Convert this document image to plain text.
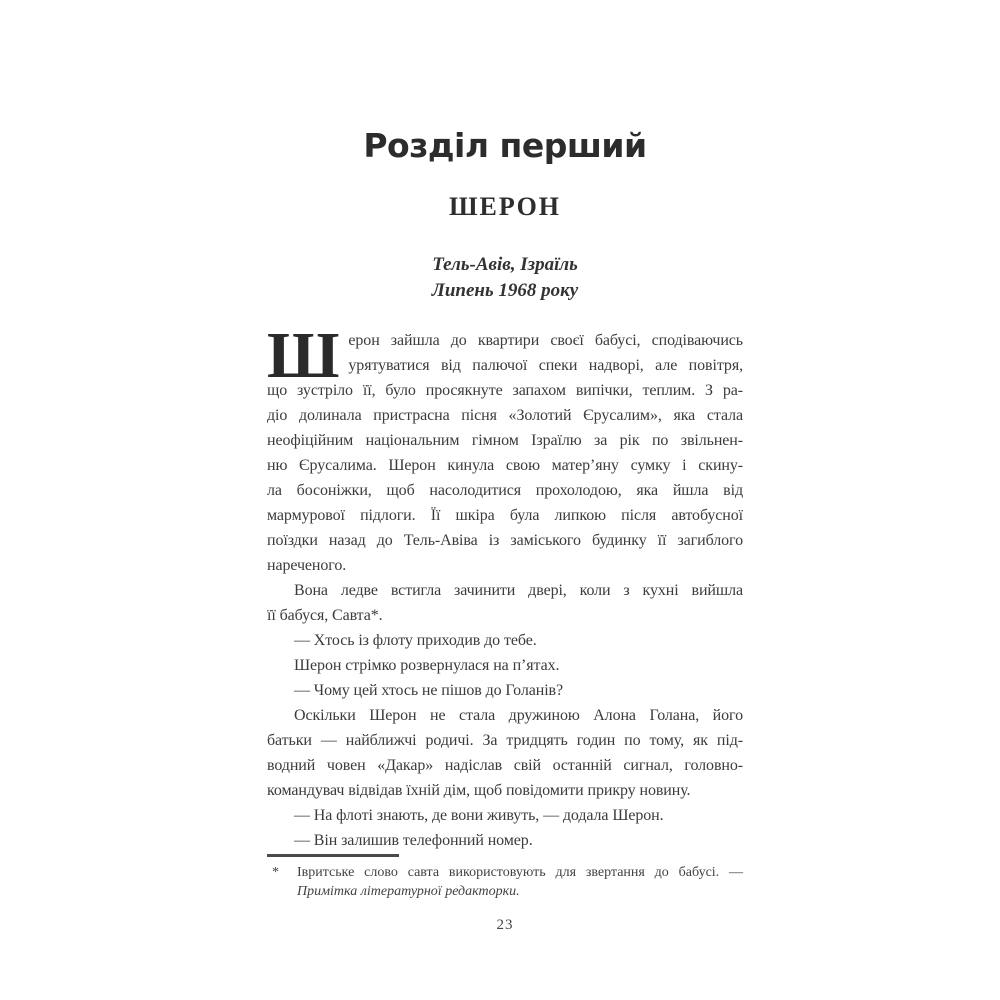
Розділ перший
ШЕРОН
Тель-Авів, Ізраїль
Липень 1968 року
Ш ерон зайшла до квартири своєї бабусі, сподіваючись
урятуватися від палючої спеки надворі, але повітря,
що зустріло її, було просякнуте запахом випічки, теплим. З ра-
діо долинала пристрасна пісня «Золотий Єрусалим», яка стала
неофіційним національним гімном Ізраїлю за рік по звільнен-
ню Єрусалима. Шерон кинула свою матер’яну сумку і скину-
ла босоніжки, щоб насолодитися прохолодою, яка йшла від
мармурової підлоги. Її шкіра була липкою після автобусної
поїздки назад до Тель-Авіва із заміського будинку її загиблого
нареченого.
Вона ледве встигла зачинити двері, коли з кухні вийшла
її бабуся, Савта*.
— Хтось із флоту приходив до тебе.
Шерон стрімко розвернулася на п’ятах.
— Чому цей хтось не пішов до Голанів?
Оскільки Шерон не стала дружиною Алона Голана, його
батьки — найближчі родичі. За тридцять годин по тому, як під-
водний човен «Дакар» надіслав свій останній сигнал, головно-
командувач відвідав їхній дім, щоб повідомити прикру новину.
— На флоті знають, де вони живуть, — додала Шерон.
— Він залишив телефонний номер.
*	Івритське слово савта використовують для звертання до бабусі. — Примітка літературної редакторки.
23
